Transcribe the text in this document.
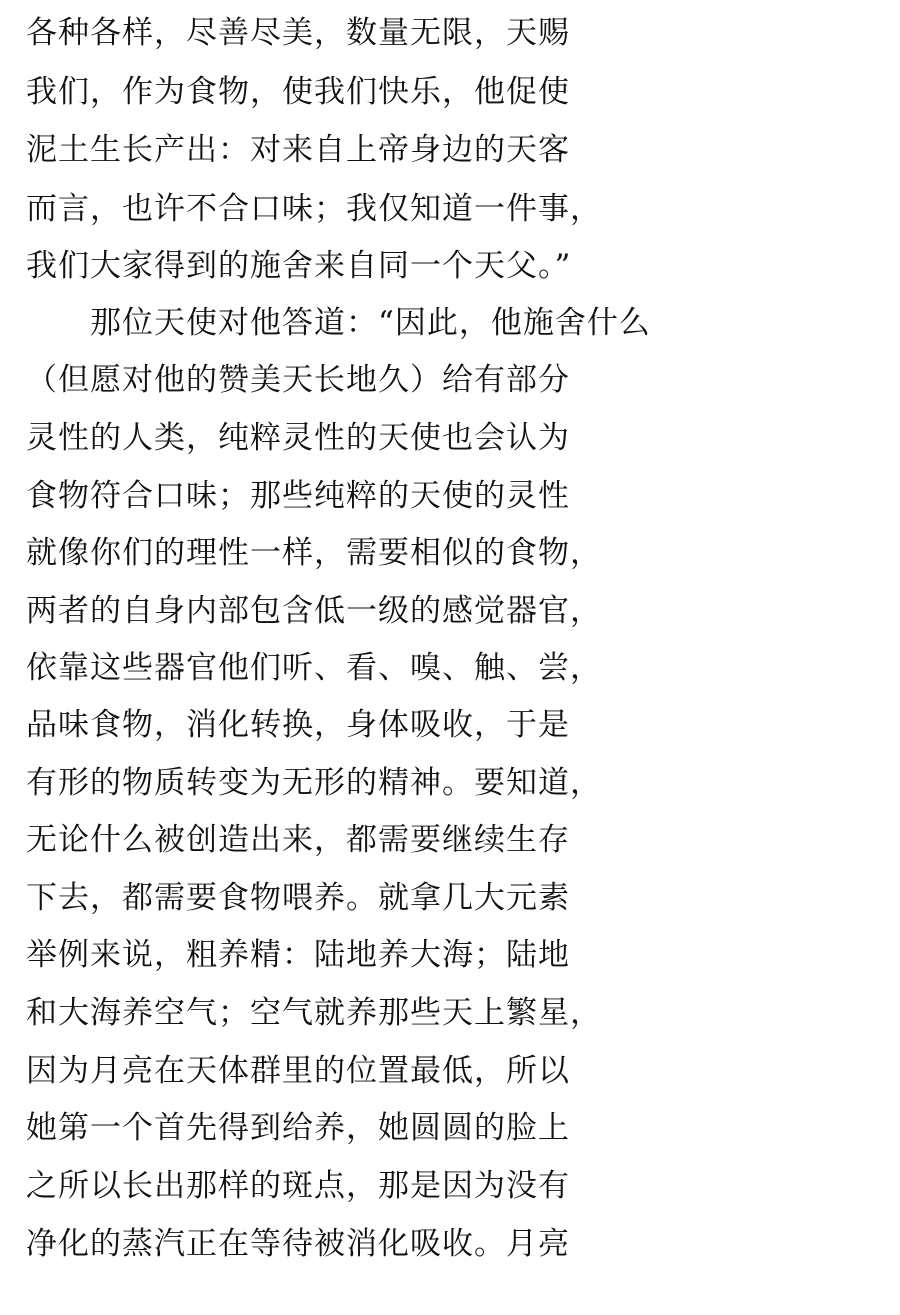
各种各样，尽善尽美，数量无限，天赐
我们，作为食物，使我们快乐，他促使
泥土生长产出：对来自上帝身边的天客
而言，也许不合口味；我仅知道一件事，
我们大家得到的施舍来自同一个天父。”
那位天使对他答道：“因此，他施舍什么
（但愿对他的赞美天长地久）给有部分
灵性的人类，纯粹灵性的天使也会认为
食物符合口味；那些纯粹的天使的灵性
就像你们的理性一样，需要相似的食物，
两者的自身内部包含低一级的感觉器官，
依靠这些器官他们听、看、嗅、触、尝，
品味食物，消化转换，身体吸收，于是
有形的物质转变为无形的精神。要知道，
无论什么被创造出来，都需要继续生存
下去，都需要食物喂养。就拿几大元素
举例来说，粗养精：陆地养大海；陆地
和大海养空气；空气就养那些天上繁星，
因为月亮在天体群里的位置最低，所以
她第一个首先得到给养，她圆圆的脸上
之所以长出那样的斑点，那是因为没有
净化的蒸汽正在等待被消化吸收。月亮
